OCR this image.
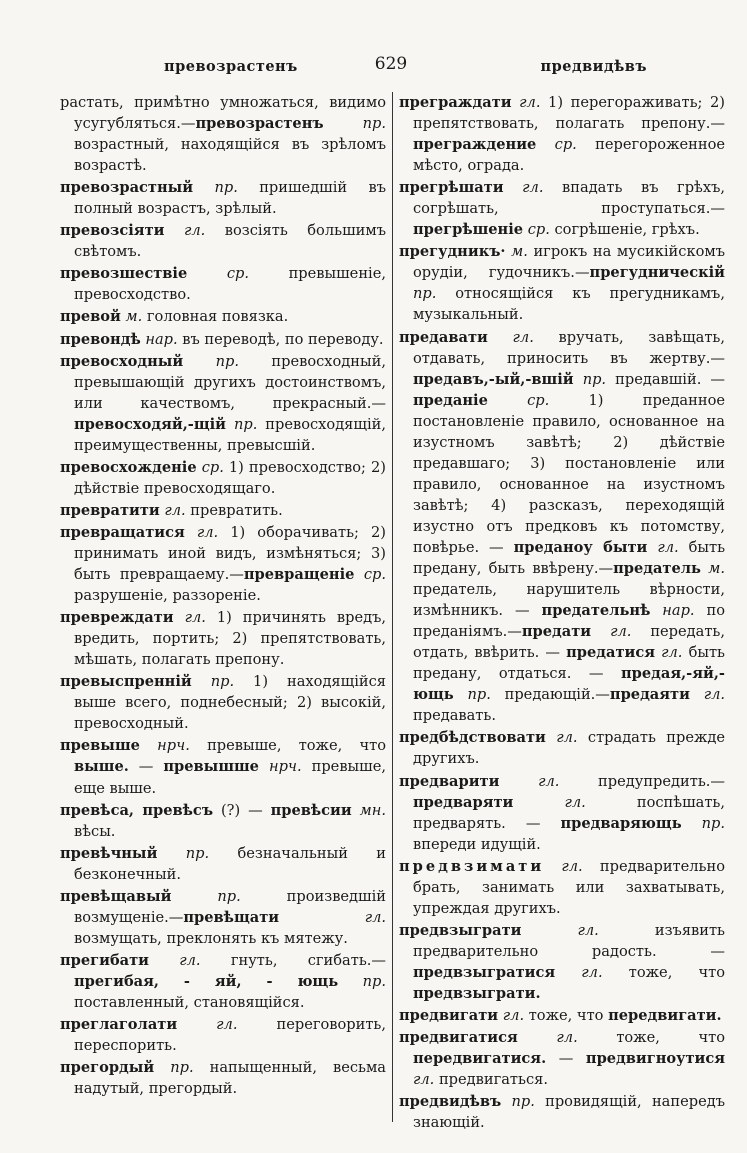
превозрастенъ	629	предвидѣвъ

растать, примѣтно умножаться, видимо усугубляться.—превозрастенъ	пр. возрастный, находящійся въ зрѣломъ возрастѣ.

превозрастный пр. пришедшій въ полный возрастъ, зрѣлый.

превозсіяти гл. возсіять большимъ свѣтомъ.

превозшествіе	ср. превышеніе, превосходство.

превой м. головная повязка.

превондѣ нар. въ переводѣ, по переводу.

превосходный пр. превосходный, превышающій другихъ достоинствомъ, или качествомъ, прекрасный.—превосходяй,-щій пр. превосходящій, преимущественны, превысшій.

превосхожденіе ср. 1) превосходство; 2) дѣйствіе превосходящаго.

превратити гл. превратить.

превращатися гл. 1) оборачивать; 2) принимать иной видъ, измѣняться; 3) быть превращаему.—превращеніе ср. разрушеніе, раззореніе.

превреждати гл. 1) причинять вредъ, вредить, портить; 2) препятствовать, мѣшать, полагать препону.

превыспренній пр. 1) находящійся выше всего, поднебесный; 2) высокій, превосходный.

превыше нрч. превыше, тоже, что выше. — превышше нрч. превыше, еще выше.

превѣса, превѣсъ (?) — превѣсии мн. вѣсы.

превѣчный пр. безначальный и безконечный.

превѣщавый	пр. произведшій возмущеніе.—превѣщати	гл. возмущать, преклонять къ мятежу.

прегибати гл. гнуть, сгибать.—прегибая, - яй, - ющь пр. поставленный, становящійся.

преглаголати	гл. переговорить, переспорить.

прегордый пр. напыщенный, весьма надутый, прегордый.

преграждати гл. 1) перегораживать; 2) препятствовать, полагать препону.—преграждение ср. перегороженное мѣсто, ограда.

прегрѣшати гл. впадать въ грѣхъ, согрѣшать, проступаться.—прегрѣшеніе ср. согрѣшеніе, грѣхъ.

прегудникъ· м. игрокъ на мусикійскомъ орудіи, гудочникъ.—прегудническій пр. относящійся къ прегудникамъ, музыкальный.

предавати гл. вручать, завѣщать, отдавать, приносить въ жертву.—предавъ,-ый,-вшій пр. предавшій. — преданіе	ср. 1) преданное постановленіе правило, основанное на изустномъ завѣтѣ; 2) дѣйствіе предавшаго; 3) постановленіе или правило, основанное на изустномъ завѣтѣ; 4) разсказъ, переходящій изустно отъ предковъ къ потомству, повѣрье. — преданоу быти гл. быть предану, быть ввѣрену.—предатель м. предатель, нарушитель вѣрности, измѣнникъ. — предательнѣ нар. по преданіямъ.—предати гл. передать, отдать, ввѣрить. — предатися гл. быть предану, отдаться. — предая,-яй,-ющь пр. предающій.—предаяти гл. предавать.

предбѣдствовати гл. страдать прежде другихъ.

предварити	гл. предупредить.—предваряти	гл. поспѣшать, предварять. — предваряющь пр. впереди идущій.

предвзимати гл. предварительно брать, занимать или захватывать, упреждая другихъ.

предвзыграти	гл. изъявить предварительно радость. — предвзыгратися гл. тоже, что предвзыграти.

предвигати гл. тоже, что передвигати.

предвигатися	гл. тоже, что передвигатися. — предвигноутися гл. предвигаться.

предвидѣвъ пр. провидящій, напередъ знающій.
